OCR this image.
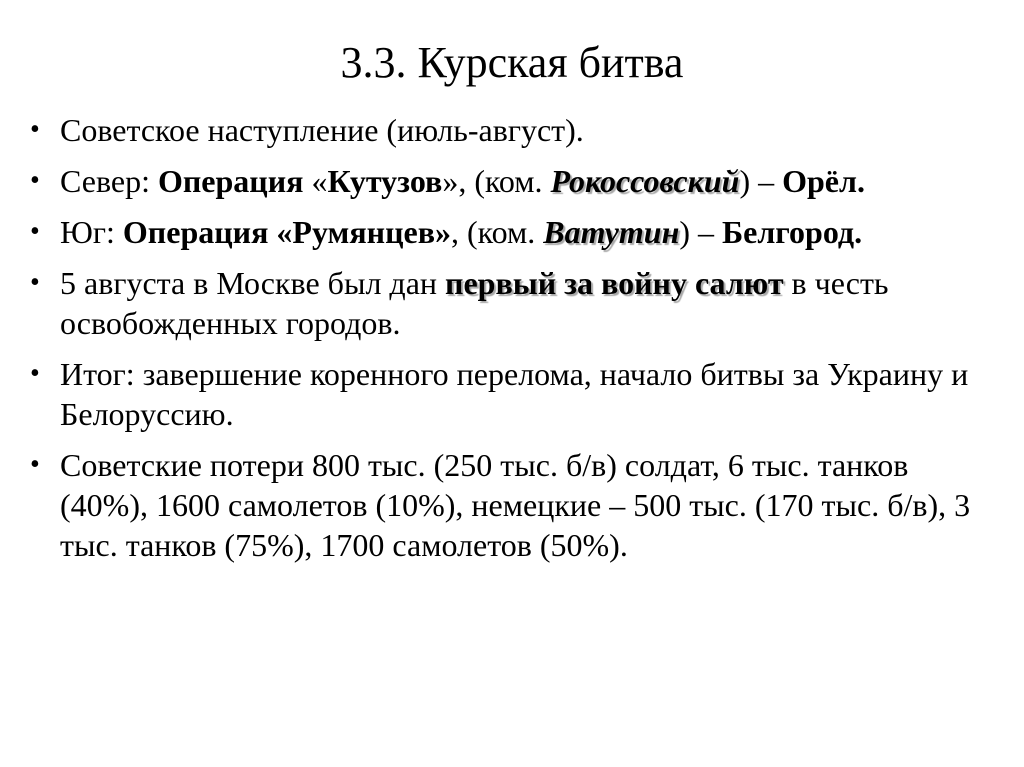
3.3. Курская битва
• Советское наступление (июль-август).
• Север: Операция «Кутузов», (ком. Рокоссовский) – Орёл.
• Юг: Операция «Румянцев», (ком. Ватутин) – Белгород.
• 5 августа в Москве был дан первый за войну салют в честь освобожденных городов.
• Итог: завершение коренного перелома, начало битвы за Украину и Белоруссию.
• Советские потери 800 тыс. (250 тыс. б/в) солдат, 6 тыс. танков (40%), 1600 самолетов (10%), немецкие – 500 тыс. (170 тыс. б/в), 3 тыс. танков (75%), 1700 самолетов (50%).
